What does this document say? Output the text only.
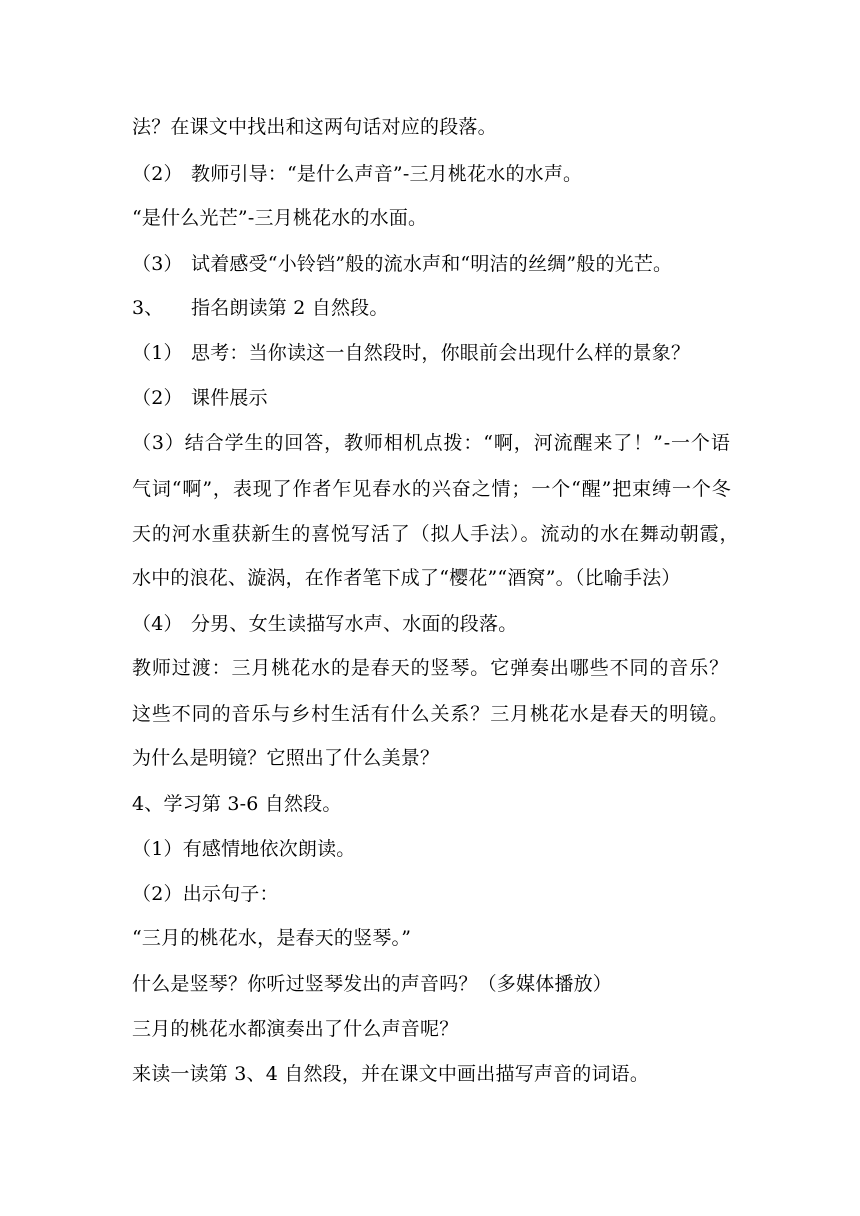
法？在课文中找出和这两句话对应的段落。
（2） 教师引导：“是什么声音”-三月桃花水的水声。
“是什么光芒”-三月桃花水的水面。
（3） 试着感受“小铃铛”般的流水声和“明洁的丝绸”般的光芒。
3、 指名朗读第 2 自然段。
（1） 思考：当你读这一自然段时，你眼前会出现什么样的景象？
（2） 课件展示
（3）结合学生的回答，教师相机点拨：“啊，河流醒来了！”-一个语
气词“啊”，表现了作者乍见春水的兴奋之情；一个“醒”把束缚一个冬
天的河水重获新生的喜悦写活了（拟人手法）。流动的水在舞动朝霞，
水中的浪花、漩涡，在作者笔下成了“樱花”“酒窝”。（比喻手法）
（4） 分男、女生读描写水声、水面的段落。
教师过渡：三月桃花水的是春天的竖琴。它弹奏出哪些不同的音乐？
这些不同的音乐与乡村生活有什么关系？三月桃花水是春天的明镜。
为什么是明镜？它照出了什么美景？
4、学习第 3-6 自然段。
（1）有感情地依次朗读。
（2）出示句子：
“三月的桃花水，是春天的竖琴。”
什么是竖琴？你听过竖琴发出的声音吗？（多媒体播放）
三月的桃花水都演奏出了什么声音呢？
来读一读第 3、4 自然段，并在课文中画出描写声音的词语。
